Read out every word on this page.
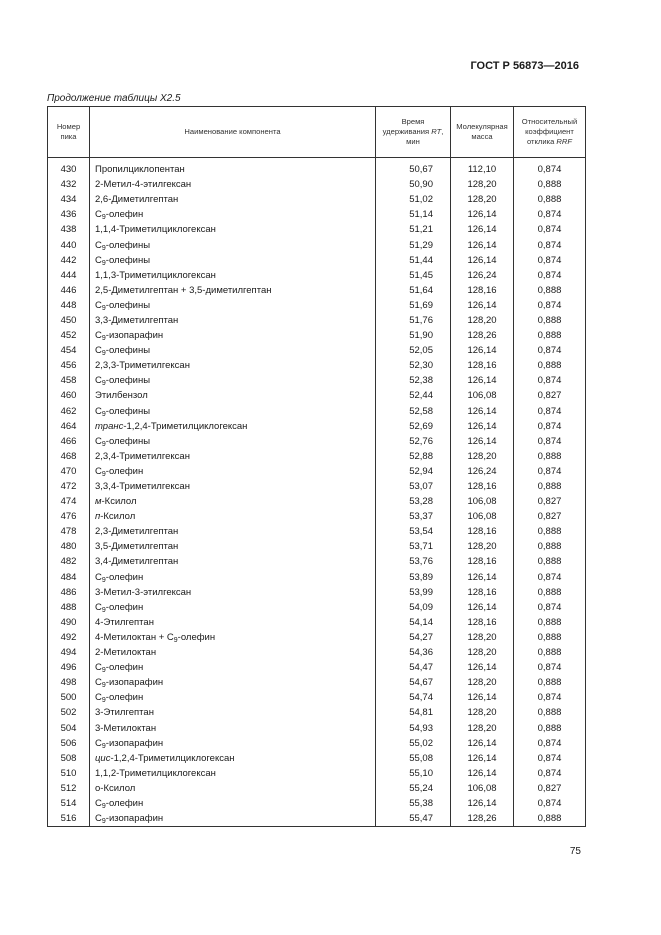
ГОСТ Р 56873—2016
Продолжение таблицы X2.5
Номер пика	Наименование компонента	Время удерживания RT, мин	Молекулярная масса	Относительный коэффициент отклика RRF
430	Пропилциклопентан	50,67	112,10	0,874
432	2-Метил-4-этилгексан	50,90	128,20	0,888
434	2,6-Диметилгептан	51,02	128,20	0,888
436	$C_9$-олефин	51,14	126,14	0,874
438	1,1,4-Триметилциклогексан	51,21	126,14	0,874
440	$C_9$-олефины	51,29	126,14	0,874
442	$C_9$-олефины	51,44	126,14	0,874
444	1,1,3-Триметилциклогексан	51,45	126,24	0,874
446	2,5-Диметилгептан + 3,5-диметилгептан	51,64	128,16	0,888
448	$C_9$-олефины	51,69	126,14	0,874
450	3,3-Диметилгептан	51,76	128,20	0,888
452	$C_9$-изопарафин	51,90	128,26	0,888
454	$C_9$-олефины	52,05	126,14	0,874
456	2,3,3-Триметилгексан	52,30	128,16	0,888
458	$C_9$-олефины	52,38	126,14	0,874
460	Этилбензол	52,44	106,08	0,827
462	$C_9$-олефины	52,58	126,14	0,874
464	транс-1,2,4-Триметилциклогексан	52,69	126,14	0,874
466	$C_9$-олефины	52,76	126,14	0,874
468	2,3,4-Триметилгексан	52,88	128,20	0,888
470	$C_9$-олефин	52,94	126,24	0,874
472	3,3,4-Триметилгексан	53,07	128,16	0,888
474	м-Ксилол	53,28	106,08	0,827
476	п-Ксилол	53,37	106,08	0,827
478	2,3-Диметилгептан	53,54	128,16	0,888
480	3,5-Диметилгептан	53,71	128,20	0,888
482	3,4-Диметилгептан	53,76	128,16	0,888
484	$C_9$-олефин	53,89	126,14	0,874
486	3-Метил-3-этилгексан	53,99	128,16	0,888
488	$C_9$-олефин	54,09	126,14	0,874
490	4-Этилгептан	54,14	128,16	0,888
492	4-Метилоктан + $C_9$-олефин	54,27	128,20	0,888
494	2-Метилоктан	54,36	128,20	0,888
496	$C_9$-олефин	54,47	126,14	0,874
498	$C_9$-изопарафин	54,67	128,20	0,888
500	$C_9$-олефин	54,74	126,14	0,874
502	3-Этилгептан	54,81	128,20	0,888
504	3-Метилоктан	54,93	128,20	0,888
506	$C_9$-изопарафин	55,02	126,14	0,874
508	цис-1,2,4-Триметилциклогексан	55,08	126,14	0,874
510	1,1,2-Триметилциклогексан	55,10	126,14	0,874
512	о-Ксилол	55,24	106,08	0,827
514	$C_9$-олефин	55,38	126,14	0,874
516	$C_9$-изопарафин	55,47	128,26	0,888
75
